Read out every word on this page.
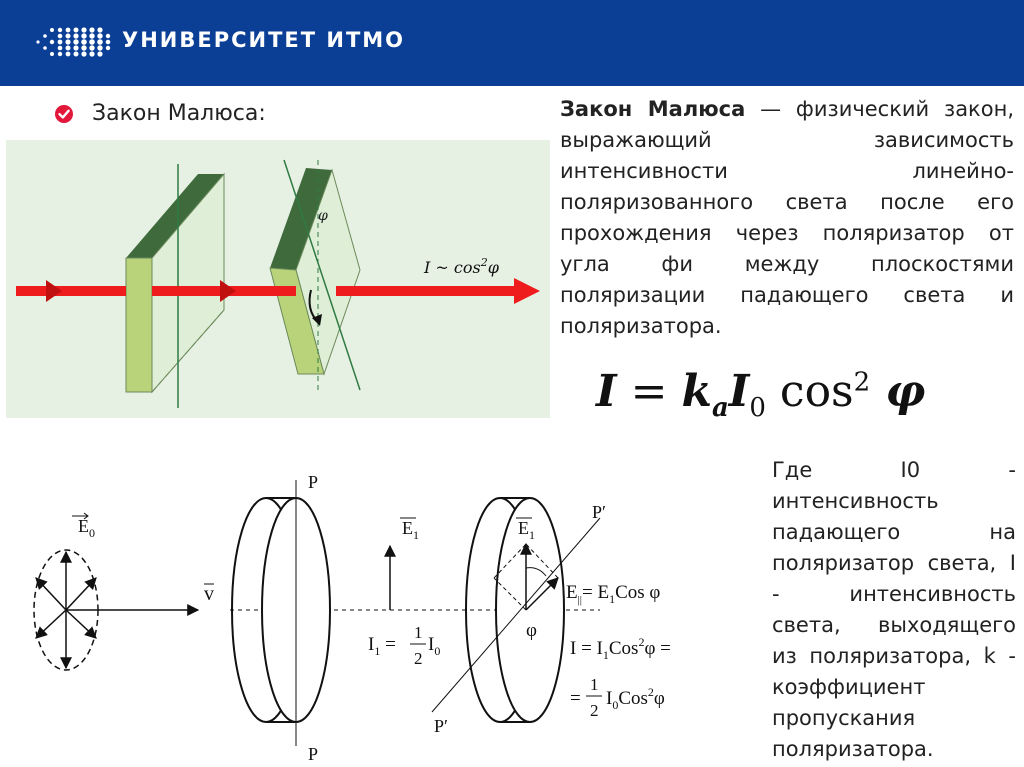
УНИВЕРСИТЕТ ИТМО
Закон Малюса:
φ
I ~ $\cos^2\varphi$
Закон Малюса — физический закон, выражающий зависимость интенсивности линейно-поляризованного света после его прохождения через поляризатор от угла фи между плоскостями поляризации падающего света и поляризатора.
$I = k_aI_0$ $\cos^2 \varphi$
$E_0$
v
P
P
$E_1$
$I_1$ =
1
2
$I_0$
P′
P′
$E_1$
φ
$E_{||}= E_1Cos$ φ
$I = I_1Cos^2\varphi$ =
=
1
2
$I_0Cos^2\varphi$
Где I0 - интенсивность падающего на поляризатор света, I - интенсивность света, выходящего из поляризатора, k - коэффициент пропускания поляризатора.
